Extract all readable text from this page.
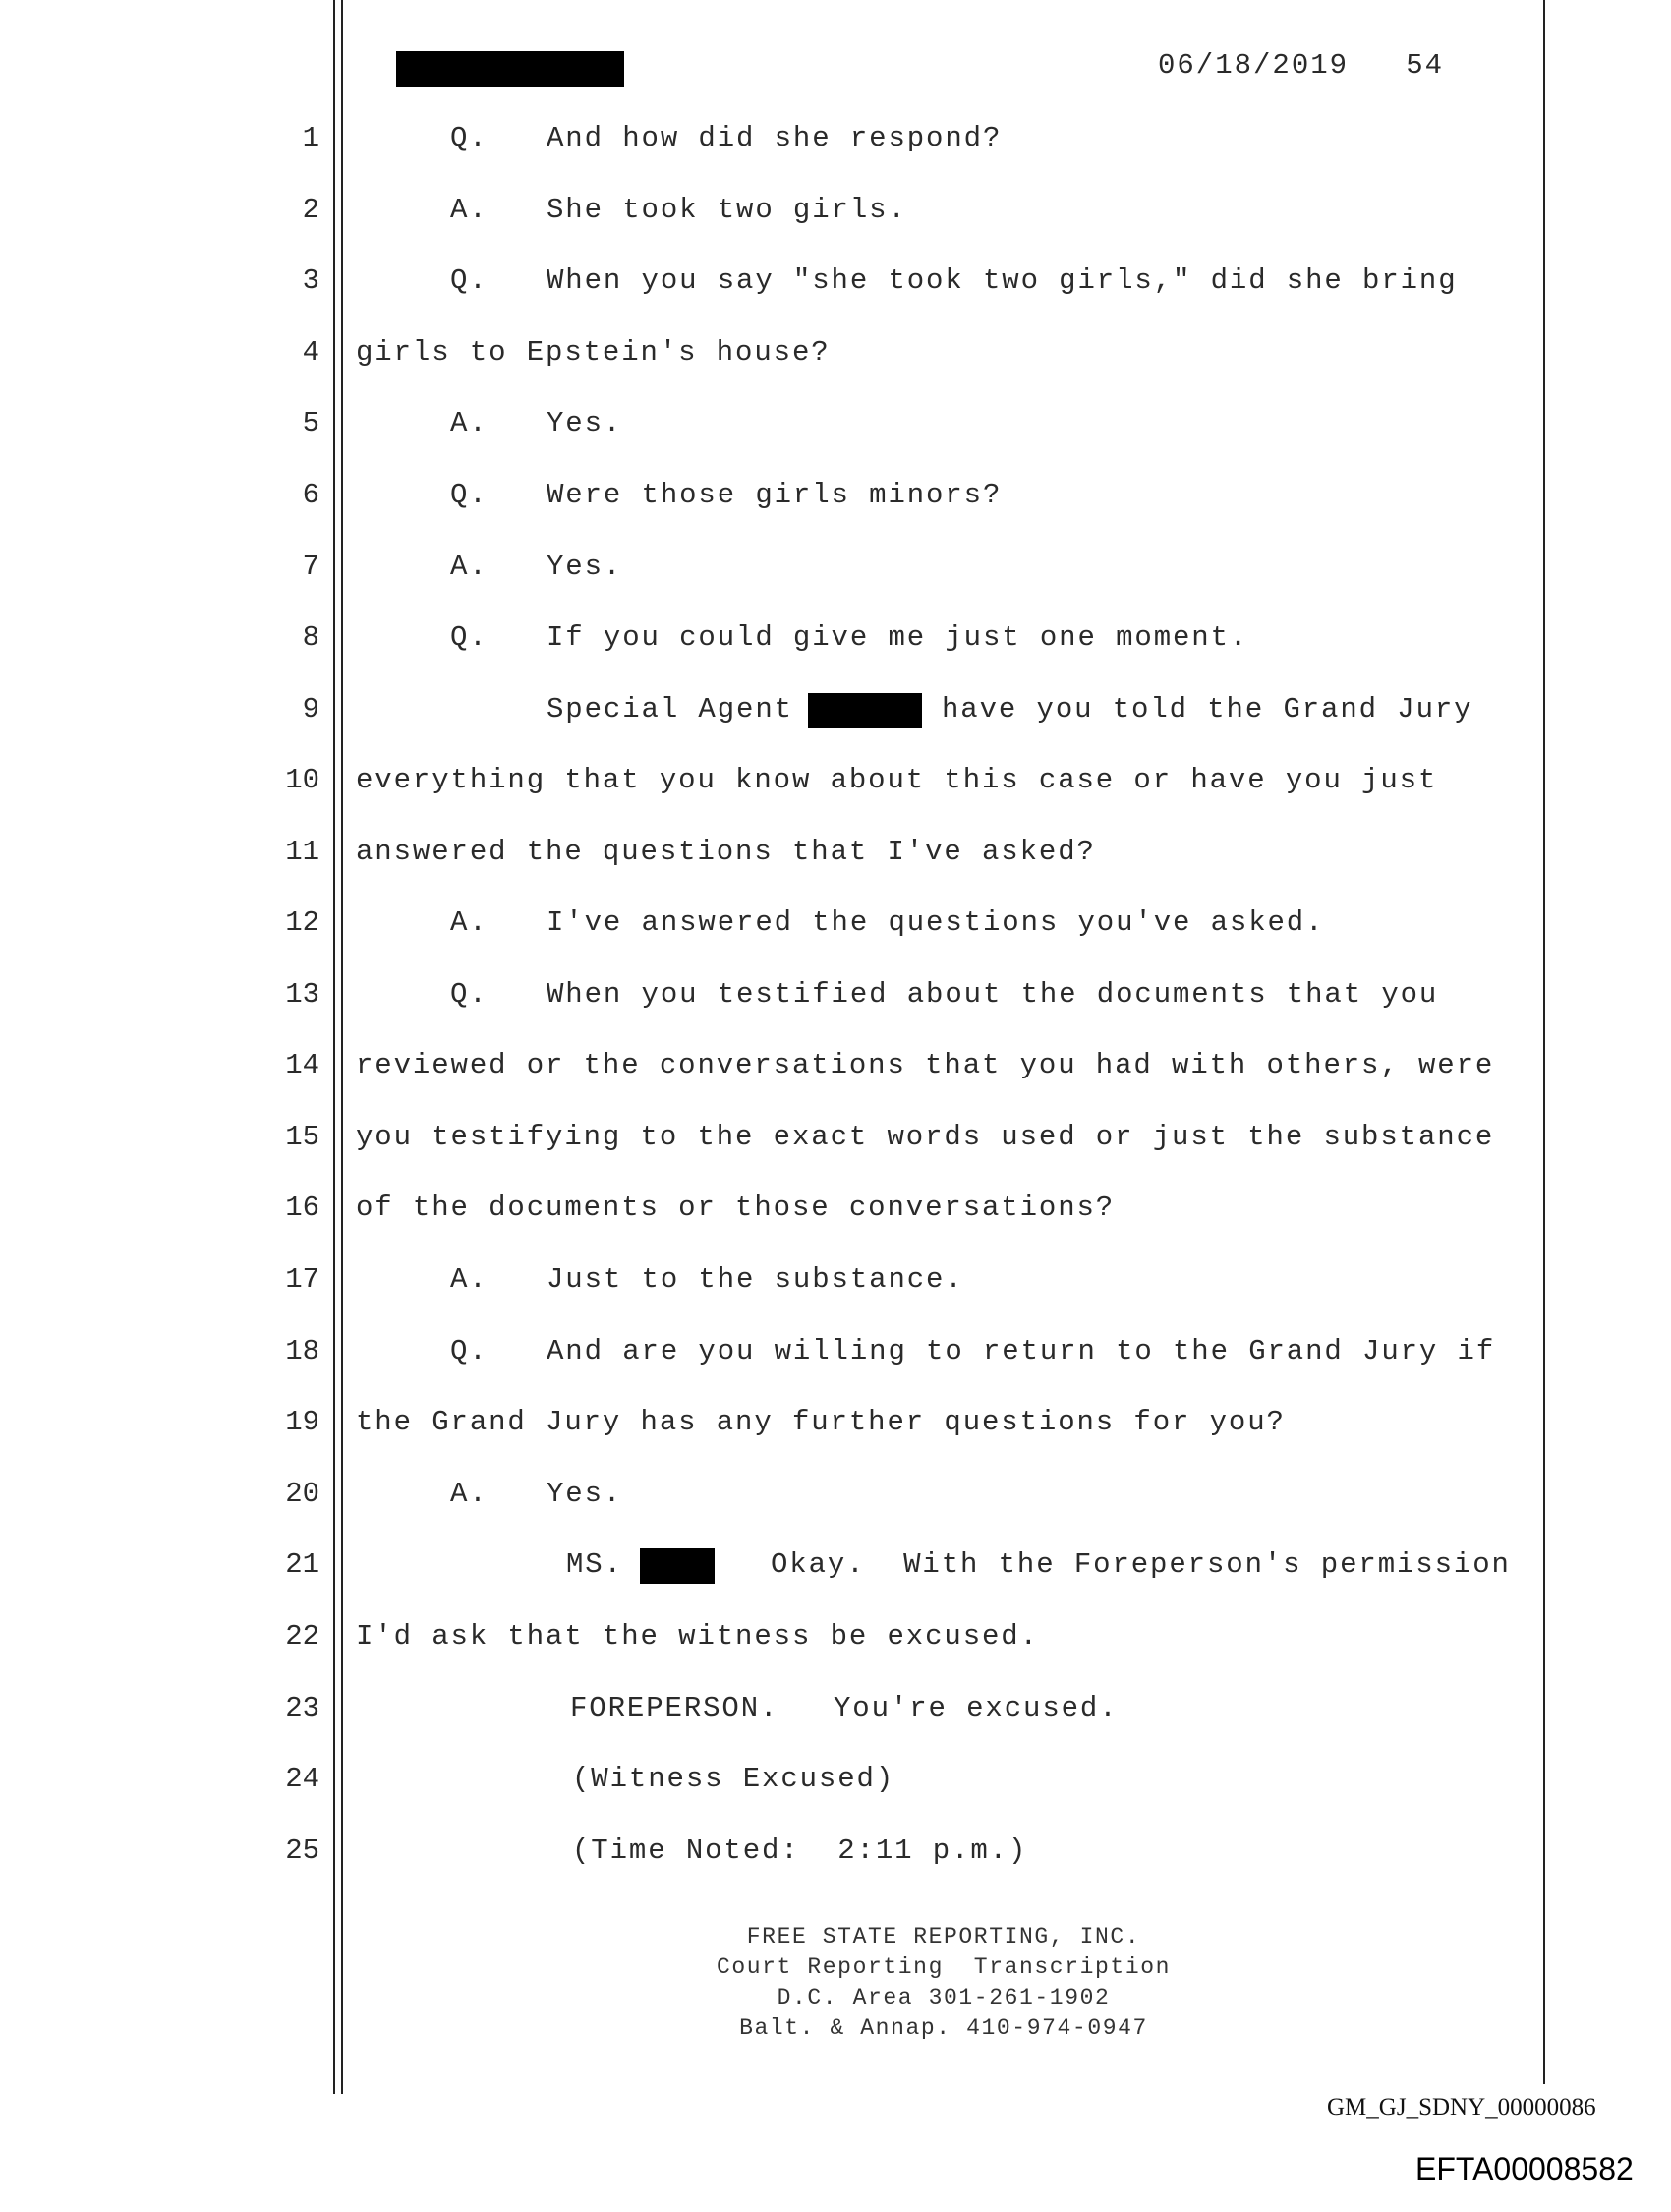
06/18/2019 54
1	Q. And how did she respond?
2	A. She took two girls.
3	Q. When you say "she took two girls," did she bring
4 girls to Epstein's house?
5	A. Yes.
6	Q. Were those girls minors?
7	A. Yes.
8	Q. If you could give me just one moment.
9	Special Agent	have you told the Grand Jury
10 everything that you know about this case or have you just
11 answered the questions that I've asked?
12	A. I've answered the questions you've asked.
13	Q. When you testified about the documents that you
14 reviewed or the conversations that you had with others, were
15 you testifying to the exact words used or just the substance
16 of the documents or those conversations?
17	A. Just to the substance.
18	Q. And are you willing to return to the Grand Jury if
19 the Grand Jury has any further questions for you?
20	A. Yes.
21	MS.	Okay.  With the Foreperson's permission
22 I'd ask that the witness be excused.
23	FOREPERSON. You're excused.
24	(Witness Excused)
25	(Time Noted:  2:11 p.m.)
FREE STATE REPORTING, INC.
Court Reporting  Transcription
D.C. Area 301-261-1902
Balt. & Annap. 410-974-0947
GM_GJ_SDNY_00000086
EFTA00008582
